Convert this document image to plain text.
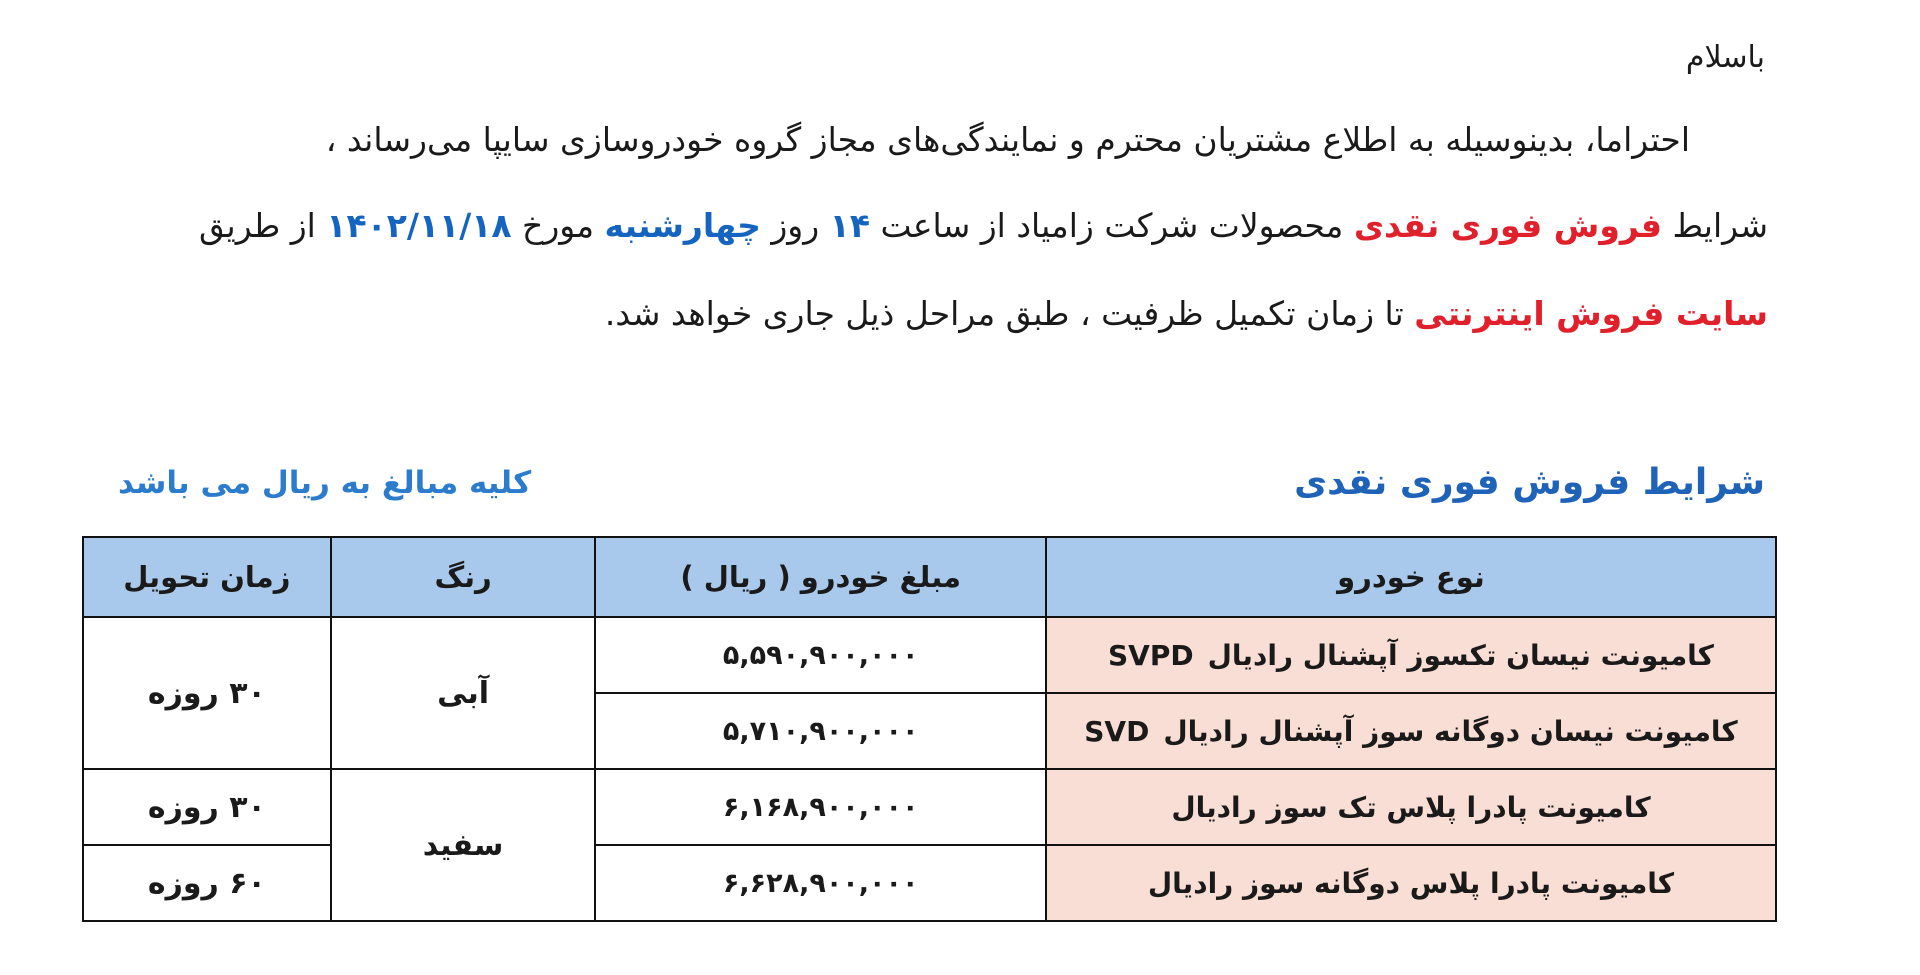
باسلام
احتراما، بدینوسیله به اطلاع مشتریان محترم و نمایندگی‌های مجاز گروه خودروسازی سایپا می‌رساند ،
شرایط فروش فوری نقدی محصولات شرکت زامیاد از ساعت ۱۴ روز چهارشنبه مورخ ۱۴۰۲/۱۱/۱۸ از طریق
سایت فروش اینترنتی تا زمان تکمیل ظرفیت ، طبق مراحل ذیل جاری خواهد شد.
شرایط فروش فوری نقدی
کلیه مبالغ به ریال می باشد
نوع خودرو	مبلغ خودرو ( ریال )	رنگ	زمان تحویل
کامیونت نیسان تکسوز آپشنال رادیالSVPD	۵,۵۹۰,۹۰۰,۰۰۰	آبی	۳۰ روزه
کامیونت نیسان دوگانه سوز آپشنال رادیالSVD	۵,۷۱۰,۹۰۰,۰۰۰		
کامیونت پادرا پلاس تک سوز رادیال	۶,۱۶۸,۹۰۰,۰۰۰	سفید	۳۰ روزه
کامیونت پادرا پلاس دوگانه سوز رادیال	۶,۶۲۸,۹۰۰,۰۰۰		۶۰ روزه
